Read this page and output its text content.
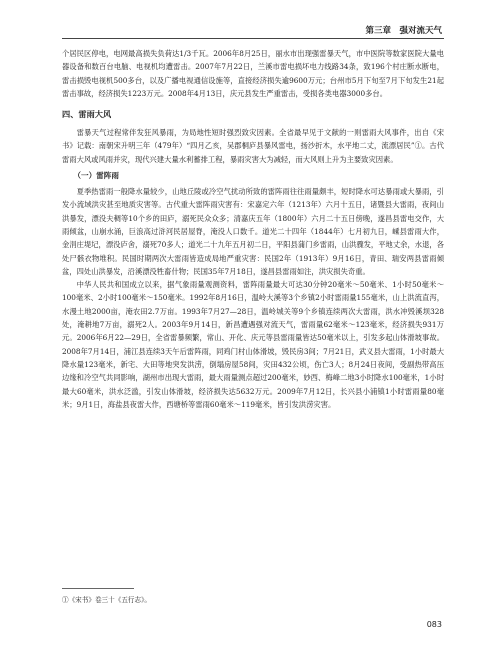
第三章　强对流天气

个居民区停电，电网最高损失负荷达1/3千瓦。2006年8月25日，丽水市出现强雷暴天气，市中医院等数家医院大量电器设备和数百台电脑、电视机均遭雷击。2007年7月22日，兰溪市雷电损坏电力线路34条，致196个村庄断水断电，雷击损毁电视机500多台，以及广播电视通信设施等，直接经济损失逾9600万元；台州市5月下旬至7月下旬发生21起雷击事故，经济损失1223万元。2008年4月13日，庆元县发生严重雷击，受损各类电器3000多台。

四、雷雨大风

雷暴天气过程常伴发狂风暴雨，为局地性短时强烈致灾因素。全省最早见于文献的一则雷雨大风事件，出自《宋书》记载：南朝宋升明三年（479年）“四月乙亥，吴郡桐庐县暴风雷电，扬沙折木，水平地二丈，流漂居民”①。古代雷雨大风或风雨并灾，现代兴建大量水利蓄排工程，暴雨灾害大为减轻，而大风则上升为主要致灾因素。

（一）雷阵雨

夏季热雷雨一般降水量较少，山地丘陵或冷空气扰动所致的雷阵雨往往雨量颇丰，短时降水可达暴雨或大暴雨，引发小流域洪灾甚至地质灾害等。古代重大雷阵雨灾害有：宋嘉定六年（1213年）六月十五日，诸暨县大雷雨，夜间山洪暴发，漂没夫稠等10个乡的田庐，溺死民众众多；清嘉庆五年（1800年）六月二十五日傍晚，遂昌县雷电交作，大雨倾盆，山崩水涌，巨浪高过浒河民居屋脊，淹没人口数千。道光二十四年（1844年）七月初九日，嵊县雷雨大作，金涓庄堤圮，漂没庐舍，溺死70多人；道光二十九年五月初二日，平阳县蒲门乡雷雨，山洪骤发，平地丈余，水退，各处尸骸衣物堆积。民国时期两次大雷雨皆造成局地严重灾害：民国2年（1913年）9月16日，青田、瑞安两县雷雨倾盆，四处山洪暴发，沿溪漂没牲畜什物；民国35年7月18日，遂昌县雷雨如注，洪灾损失奇重。

中华人民共和国成立以来，据气象雨量观测资料，雷阵雨量最大可达30分钟20毫米～50毫米、1小时50毫米～100毫米、2小时100毫米～150毫米。1992年8月16日，温岭大溪等3个乡镇2小时雷雨量155毫米，山上洪流直泻，水漫土地2000亩，淹农田2.7万亩。1993年7月27—28日，温岭城关等9个乡镇连续两次大雷雨，洪水冲毁溪坝328处，淹耕地7万亩，溺死2人。2003年9月14日，新昌遭遇强对流天气，雷雨量62毫米～123毫米，经济损失931万元。2006年6月22—29日，全省雷暴频繁，常山、开化、庆元等县雷雨量皆达50毫米以上，引发多起山体滑坡事故。2008年7月14日，浦江县连续3天午后雷阵雨，同鸡门村山体滑坡，毁民房3间；7月21日，武义县大雷雨，1小时最大降水量123毫米，新宅、大田等地突发洪涝，倒塌房屋58间，灾田432公顷，伤亡3人；8月24日夜间，受副热带高压边缘和冷空气共同影响，湖州市出现大雷雨，最大雨量测点超过200毫米，妙西、梅峰二地3小时降水100毫米，1小时最大60毫米，洪水泛滥，引发山体滑坡，经济损失达5632万元。2009年7月12日，长兴县小浦镇1小时雷雨量80毫米；9月1日，海盐县夜雷大作，西塘桥等雷雨60毫米～119毫米，皆引发洪涝灾害。

①《宋书》卷三十《五行志》。
083
